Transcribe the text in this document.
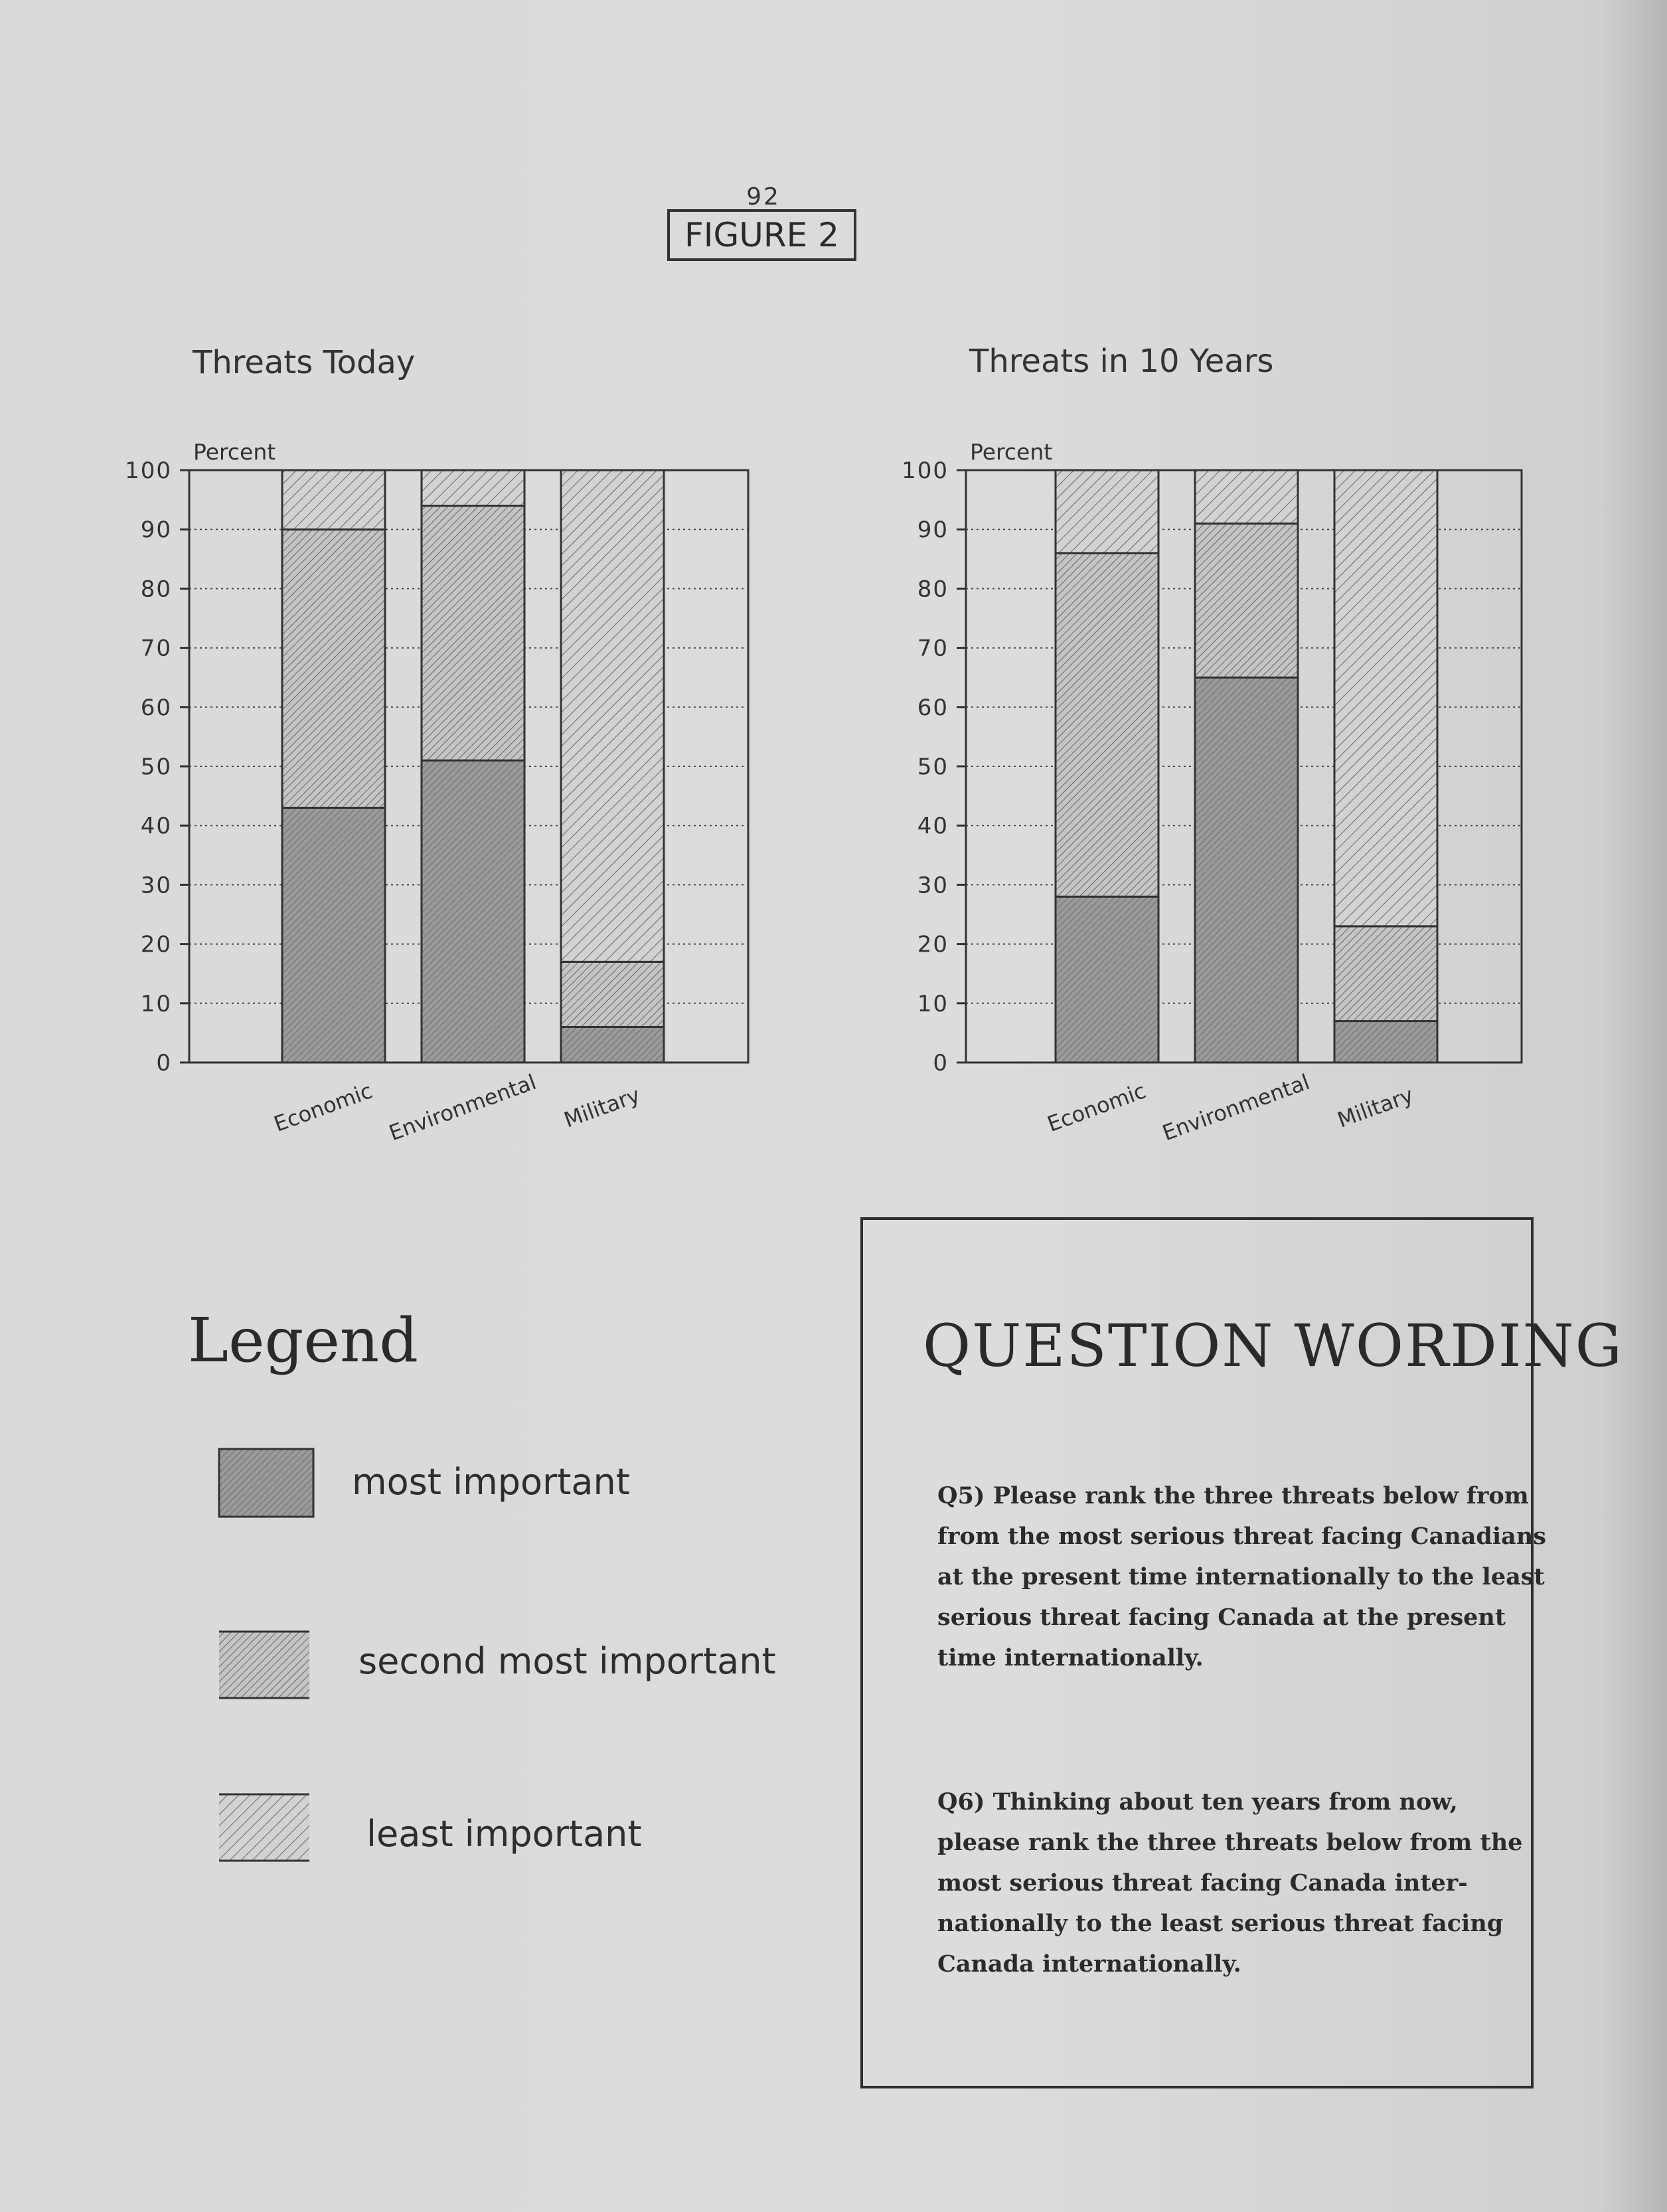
92
FIGURE 2
Threats Today	Threats in 10 Years
0
10
20
30
40
50
60
70
80
90
100
Percent
Economic Environmental Military
0
10
20
30
40
50
60
70
80
90
100
Percent
Economic Environmental Military
Legend
most important
second most important
least important
QUESTION WORDING
Q5) Please rank the three threats below from
from the most serious threat facing Canadians
at the present time internationally to the least
serious threat facing Canada at the present
time internationally.
Q6) Thinking about ten years from now,
please rank the three threats below from the
most serious threat facing Canada inter-
nationally to the least serious threat facing
Canada internationally.
